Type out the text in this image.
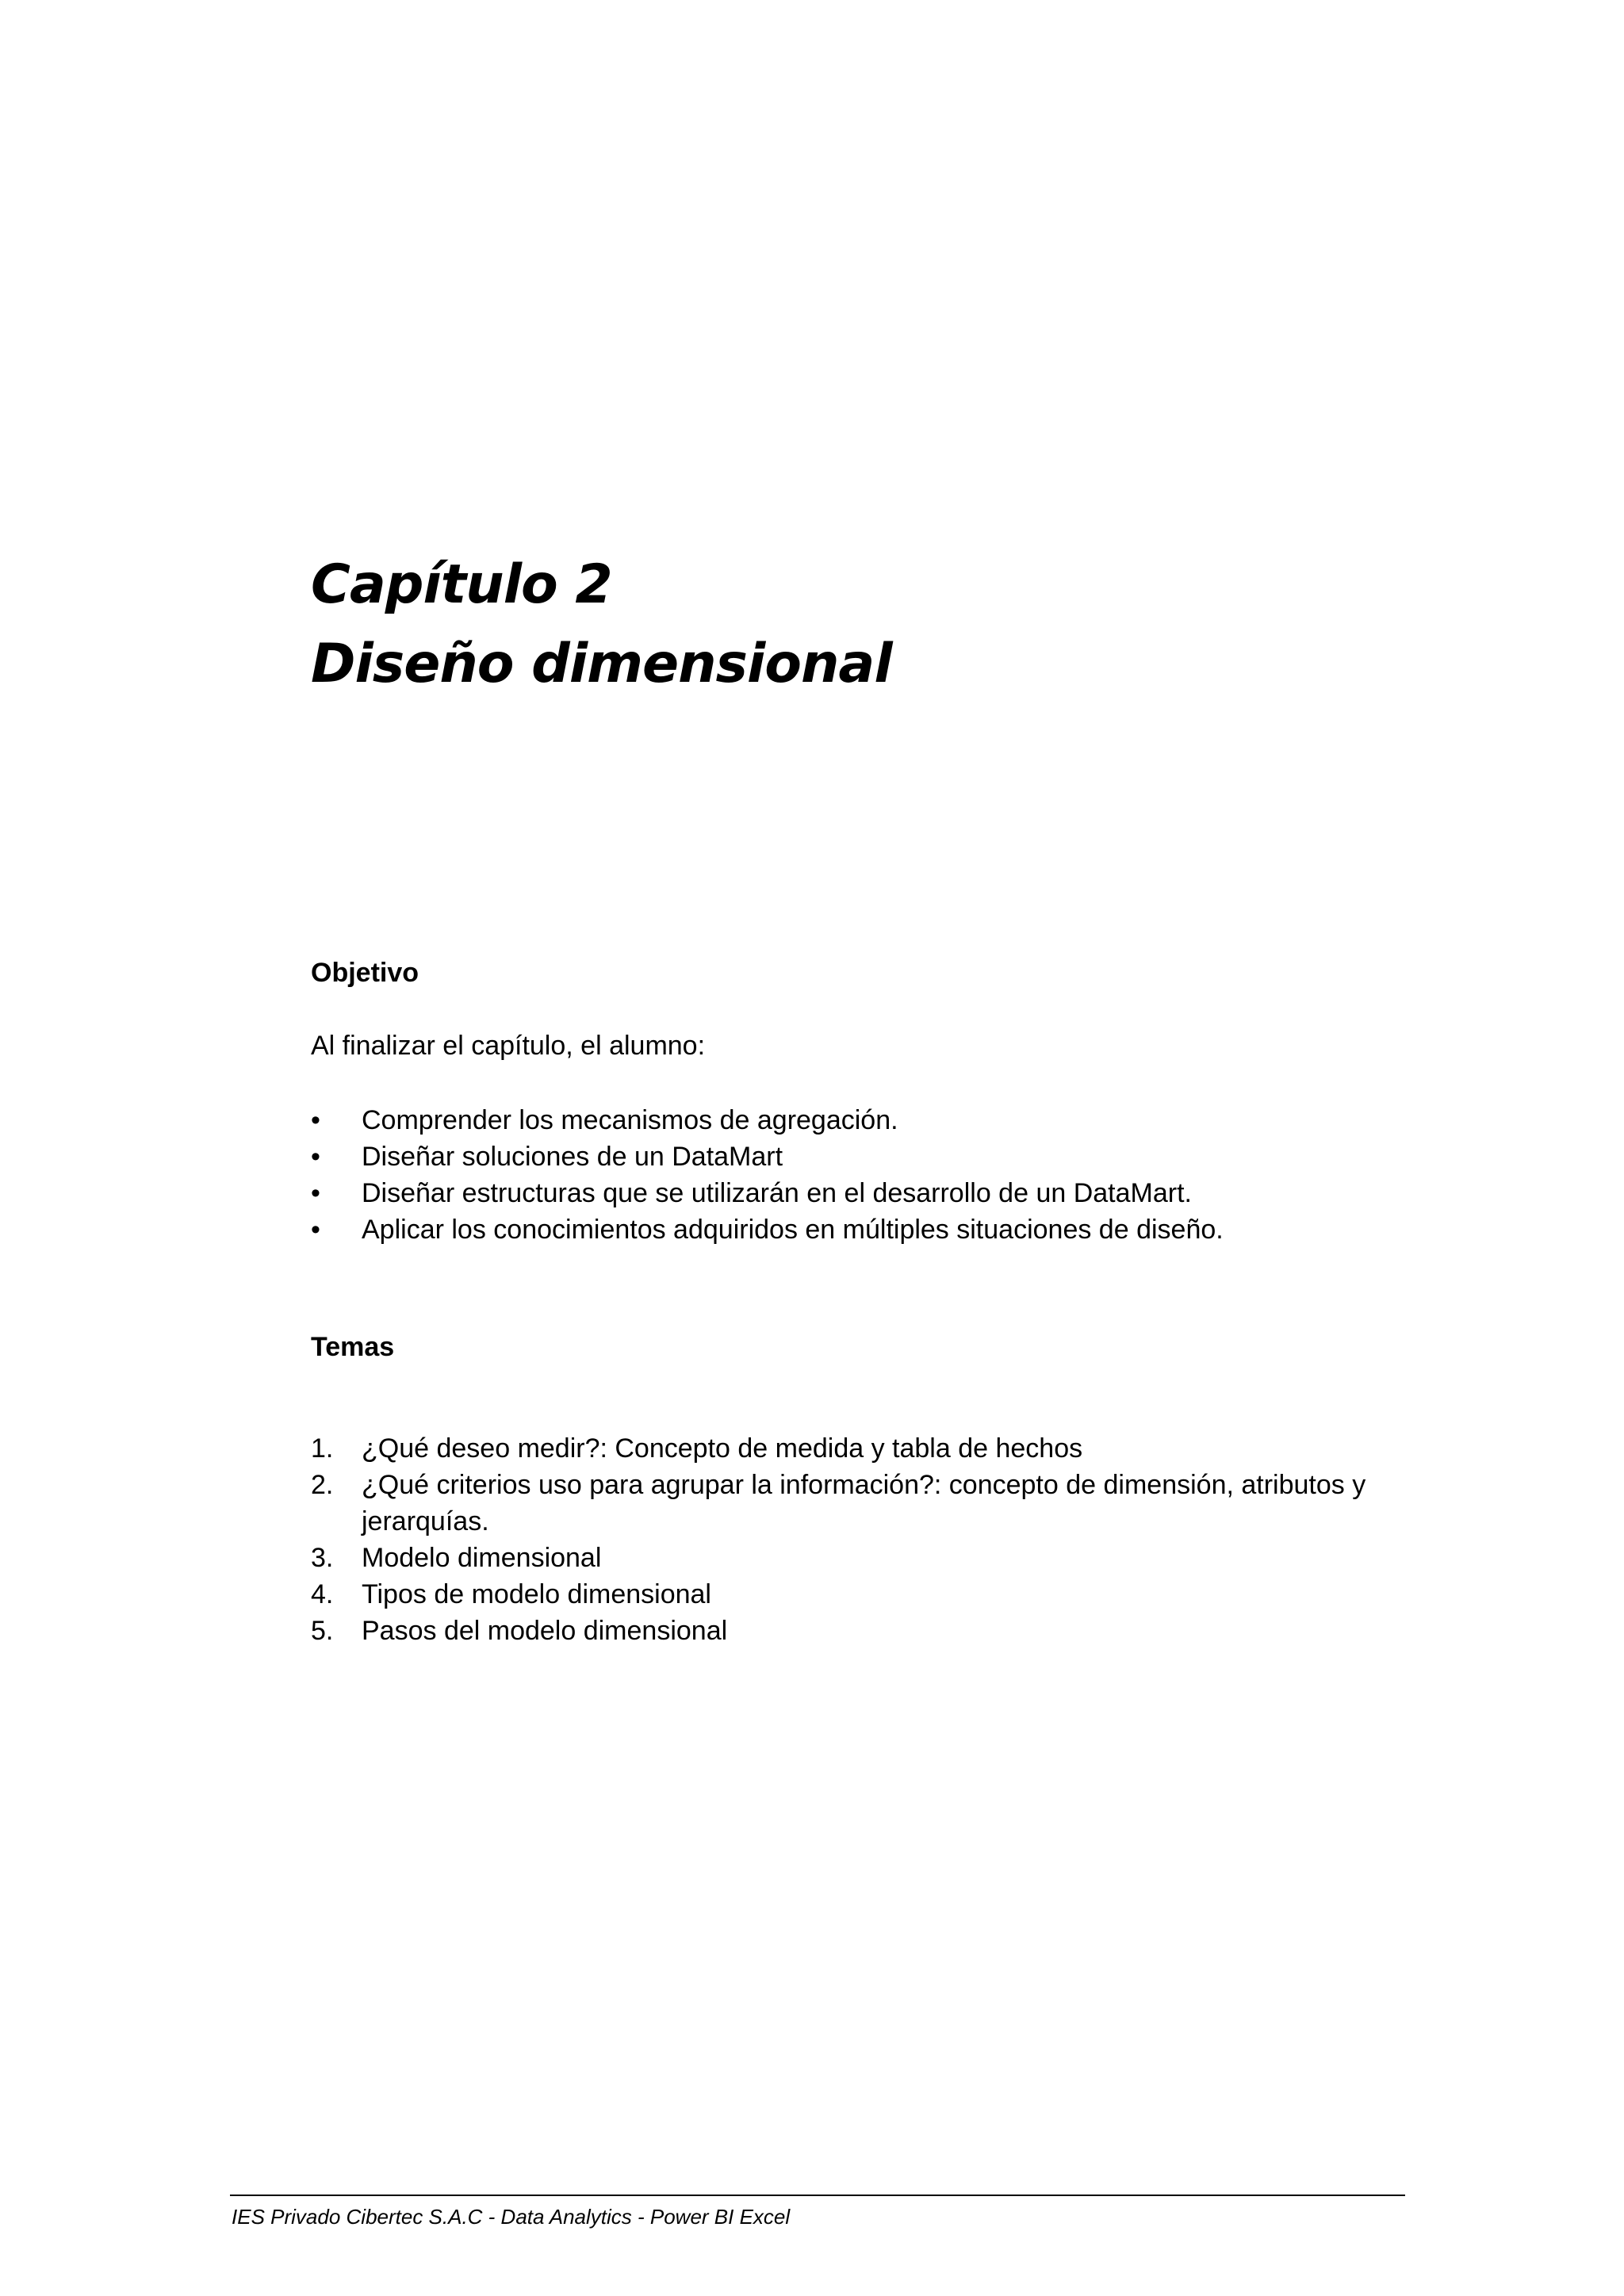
Capítulo 2
Diseño dimensional
Objetivo

Al finalizar el capítulo, el alumno:

•	Comprender los mecanismos de agregación.
•	Diseñar soluciones de un DataMart
•	Diseñar estructuras que se utilizarán en el desarrollo de un DataMart.
•	Aplicar los conocimientos adquiridos en múltiples situaciones de diseño.
Temas
1.	¿Qué deseo medir?: Concepto de medida y tabla de hechos
2.	¿Qué criterios uso para agrupar la información?: concepto de dimensión, atributos y jerarquías.
3.	Modelo dimensional
4.	Tipos de modelo dimensional
5.	Pasos del modelo dimensional

IES Privado Cibertec S.A.C - Data Analytics - Power BI Excel
